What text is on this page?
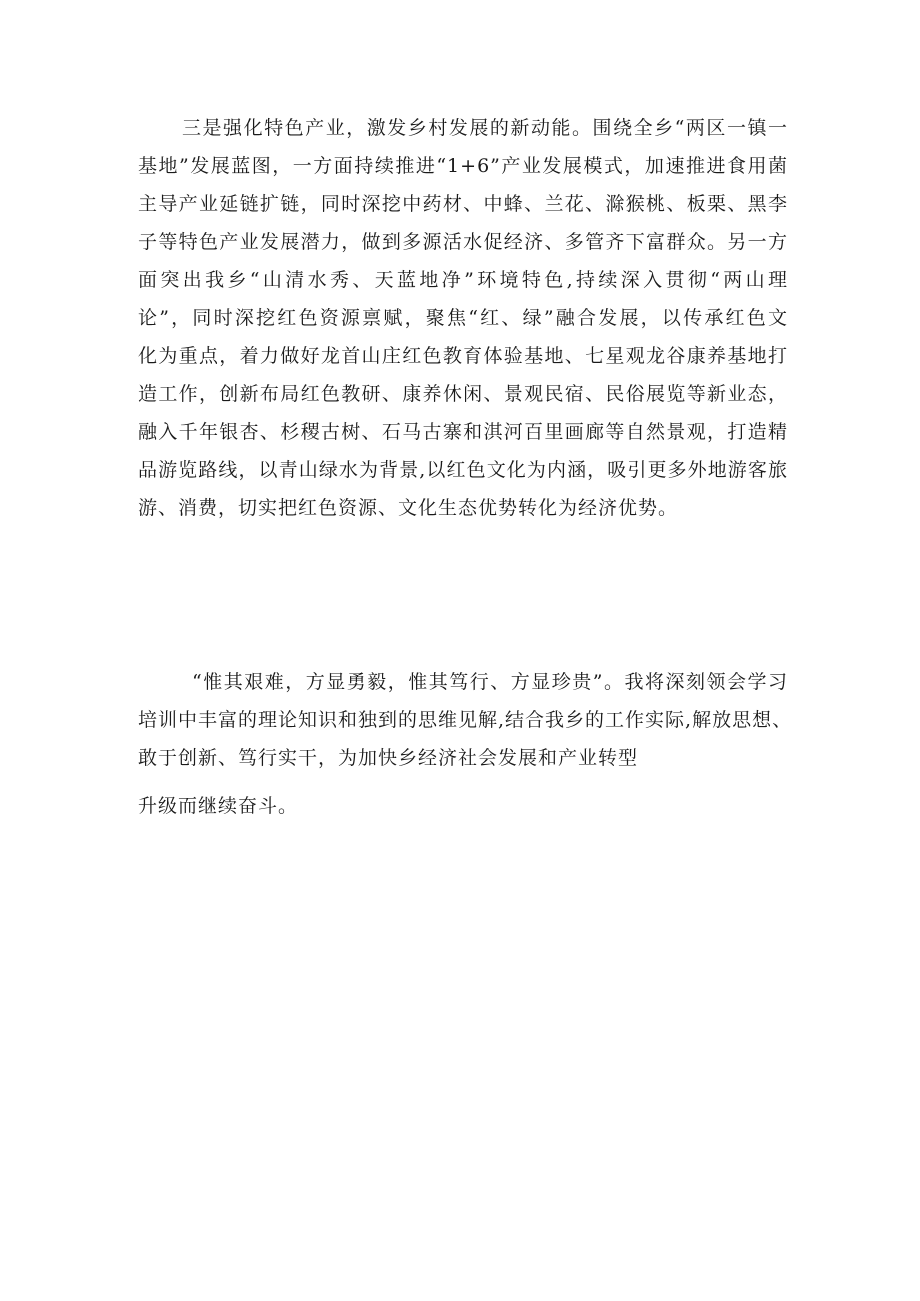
三是强化特色产业，激发乡村发展的新动能。围绕全乡“两区一镇一
基地”发展蓝图，一方面持续推进“1+6”产业发展模式，加速推进食用菌
主导产业延链扩链，同时深挖中药材、中蜂、兰花、滁猴桃、板栗、黑李
子等特色产业发展潜力，做到多源活水促经济、多管齐下富群众。另一方
面突出我乡“山清水秀、天蓝地净”环境特色,持续深入贯彻“两山理
论”，同时深挖红色资源禀赋，聚焦“红、绿”融合发展，以传承红色文
化为重点，着力做好龙首山庄红色教育体验基地、七星观龙谷康养基地打
造工作，创新布局红色教研、康养休闲、景观民宿、民俗展览等新业态，
融入千年银杏、杉稷古树、石马古寨和淇河百里画廊等自然景观，打造精
品游览路线，以青山绿水为背景,以红色文化为内涵，吸引更多外地游客旅
游、消费，切实把红色资源、文化生态优势转化为经济优势。

“惟其艰难，方显勇毅，惟其笃行、方显珍贵”。我将深刻领会学习
培训中丰富的理论知识和独到的思维见解,结合我乡的工作实际,解放思想、
敢于创新、笃行实干，为加快乡经济社会发展和产业转型

升级而继续奋斗。
